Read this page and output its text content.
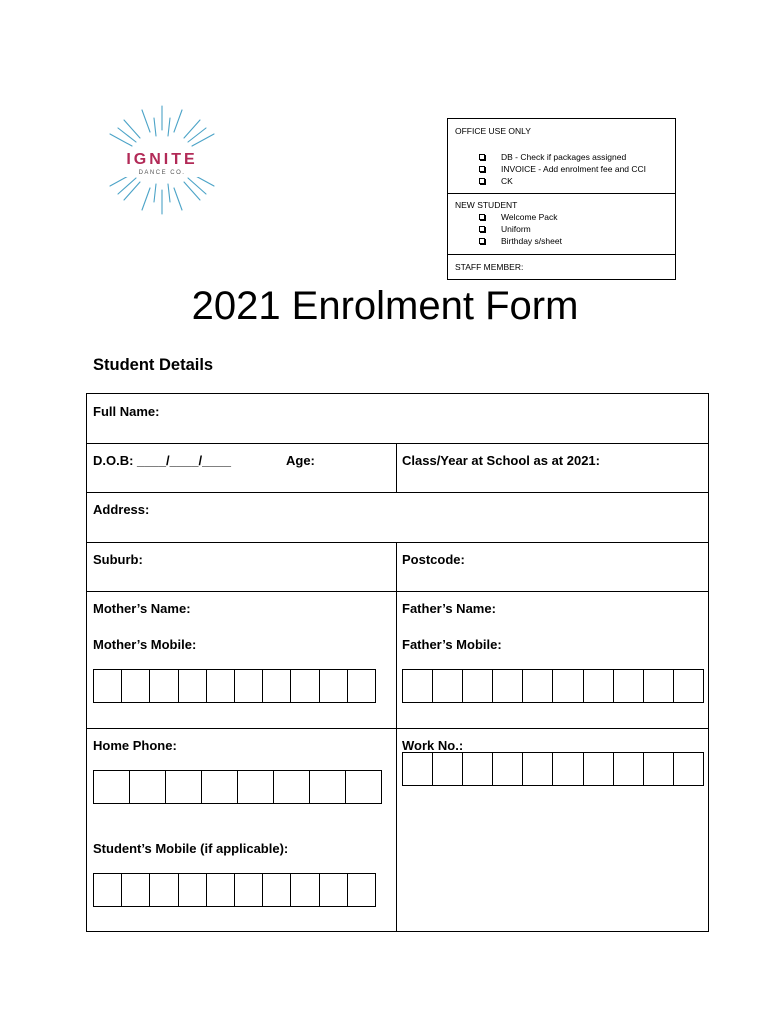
IGNITE
DANCE CO.
OFFICE USE ONLY
DB - Check if packages assigned
INVOICE - Add enrolment fee and CCI
CK
NEW STUDENT
Welcome Pack
Uniform
Birthday s/sheet
STAFF MEMBER:
2021 Enrolment Form
Student Details
Full Name:
D.O.B: ____/____/____	Age:	Class/Year at School as at 2021:
Address:
Suburb:	Postcode:
Mother’s Name:
Mother’s Mobile:
Father’s Name:
Father’s Mobile:
Home Phone:	Work No.:
Student’s Mobile (if applicable):
